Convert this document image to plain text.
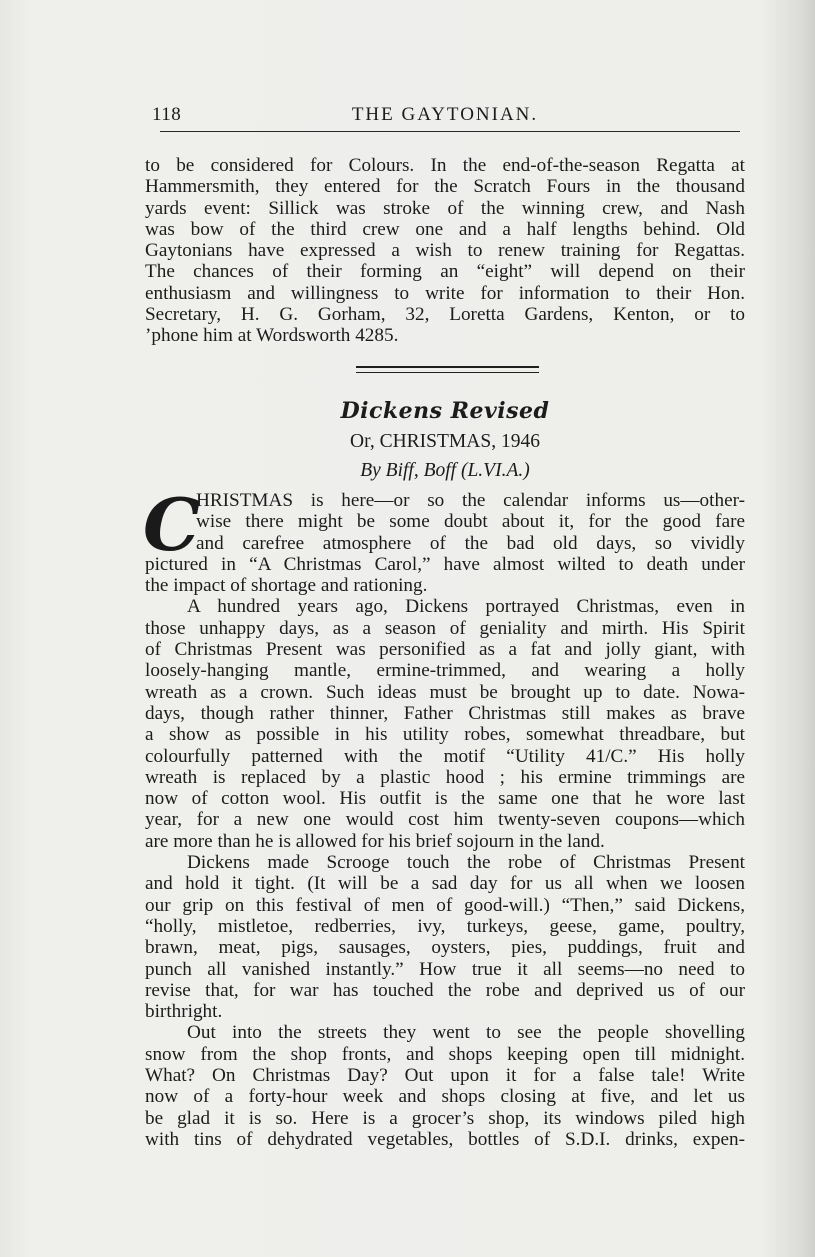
118	THE GAYTONIAN.
to be considered for Colours. In the end-of-the-season Regatta at
Hammersmith, they entered for the Scratch Fours in the thousand
yards event: Sillick was stroke of the winning crew, and Nash
was bow of the third crew one and a half lengths behind. Old
Gaytonians have expressed a wish to renew training for Regattas.
The chances of their forming an “eight” will depend on their
enthusiasm and willingness to write for information to their Hon.
Secretary, H. G. Gorham, 32, Loretta Gardens, Kenton, or to
’phone him at Wordsworth 4285.
Dickens Revised
Or, CHRISTMAS, 1946
By Biff, Boff (L.VI.A.)
C
HRISTMAS is here—or so the calendar informs us—other-
wise there might be some doubt about it, for the good fare
and carefree atmosphere of the bad old days, so vividly
pictured in “A Christmas Carol,” have almost wilted to death under
the impact of shortage and rationing.
A hundred years ago, Dickens portrayed Christmas, even in
those unhappy days, as a season of geniality and mirth. His Spirit
of Christmas Present was personified as a fat and jolly giant, with
loosely-hanging mantle, ermine-trimmed, and wearing a holly
wreath as a crown. Such ideas must be brought up to date. Nowa-
days, though rather thinner, Father Christmas still makes as brave
a show as possible in his utility robes, somewhat threadbare, but
colourfully patterned with the motif “Utility 41/C.” His holly
wreath is replaced by a plastic hood ; his ermine trimmings are
now of cotton wool. His outfit is the same one that he wore last
year, for a new one would cost him twenty-seven coupons—which
are more than he is allowed for his brief sojourn in the land.
Dickens made Scrooge touch the robe of Christmas Present
and hold it tight. (It will be a sad day for us all when we loosen
our grip on this festival of men of good-will.) “Then,” said Dickens,
“holly, mistletoe, redberries, ivy, turkeys, geese, game, poultry,
brawn, meat, pigs, sausages, oysters, pies, puddings, fruit and
punch all vanished instantly.” How true it all seems—no need to
revise that, for war has touched the robe and deprived us of our
birthright.
Out into the streets they went to see the people shovelling
snow from the shop fronts, and shops keeping open till midnight.
What? On Christmas Day? Out upon it for a false tale! Write
now of a forty-hour week and shops closing at five, and let us
be glad it is so. Here is a grocer’s shop, its windows piled high
with tins of dehydrated vegetables, bottles of S.D.I. drinks, expen-
